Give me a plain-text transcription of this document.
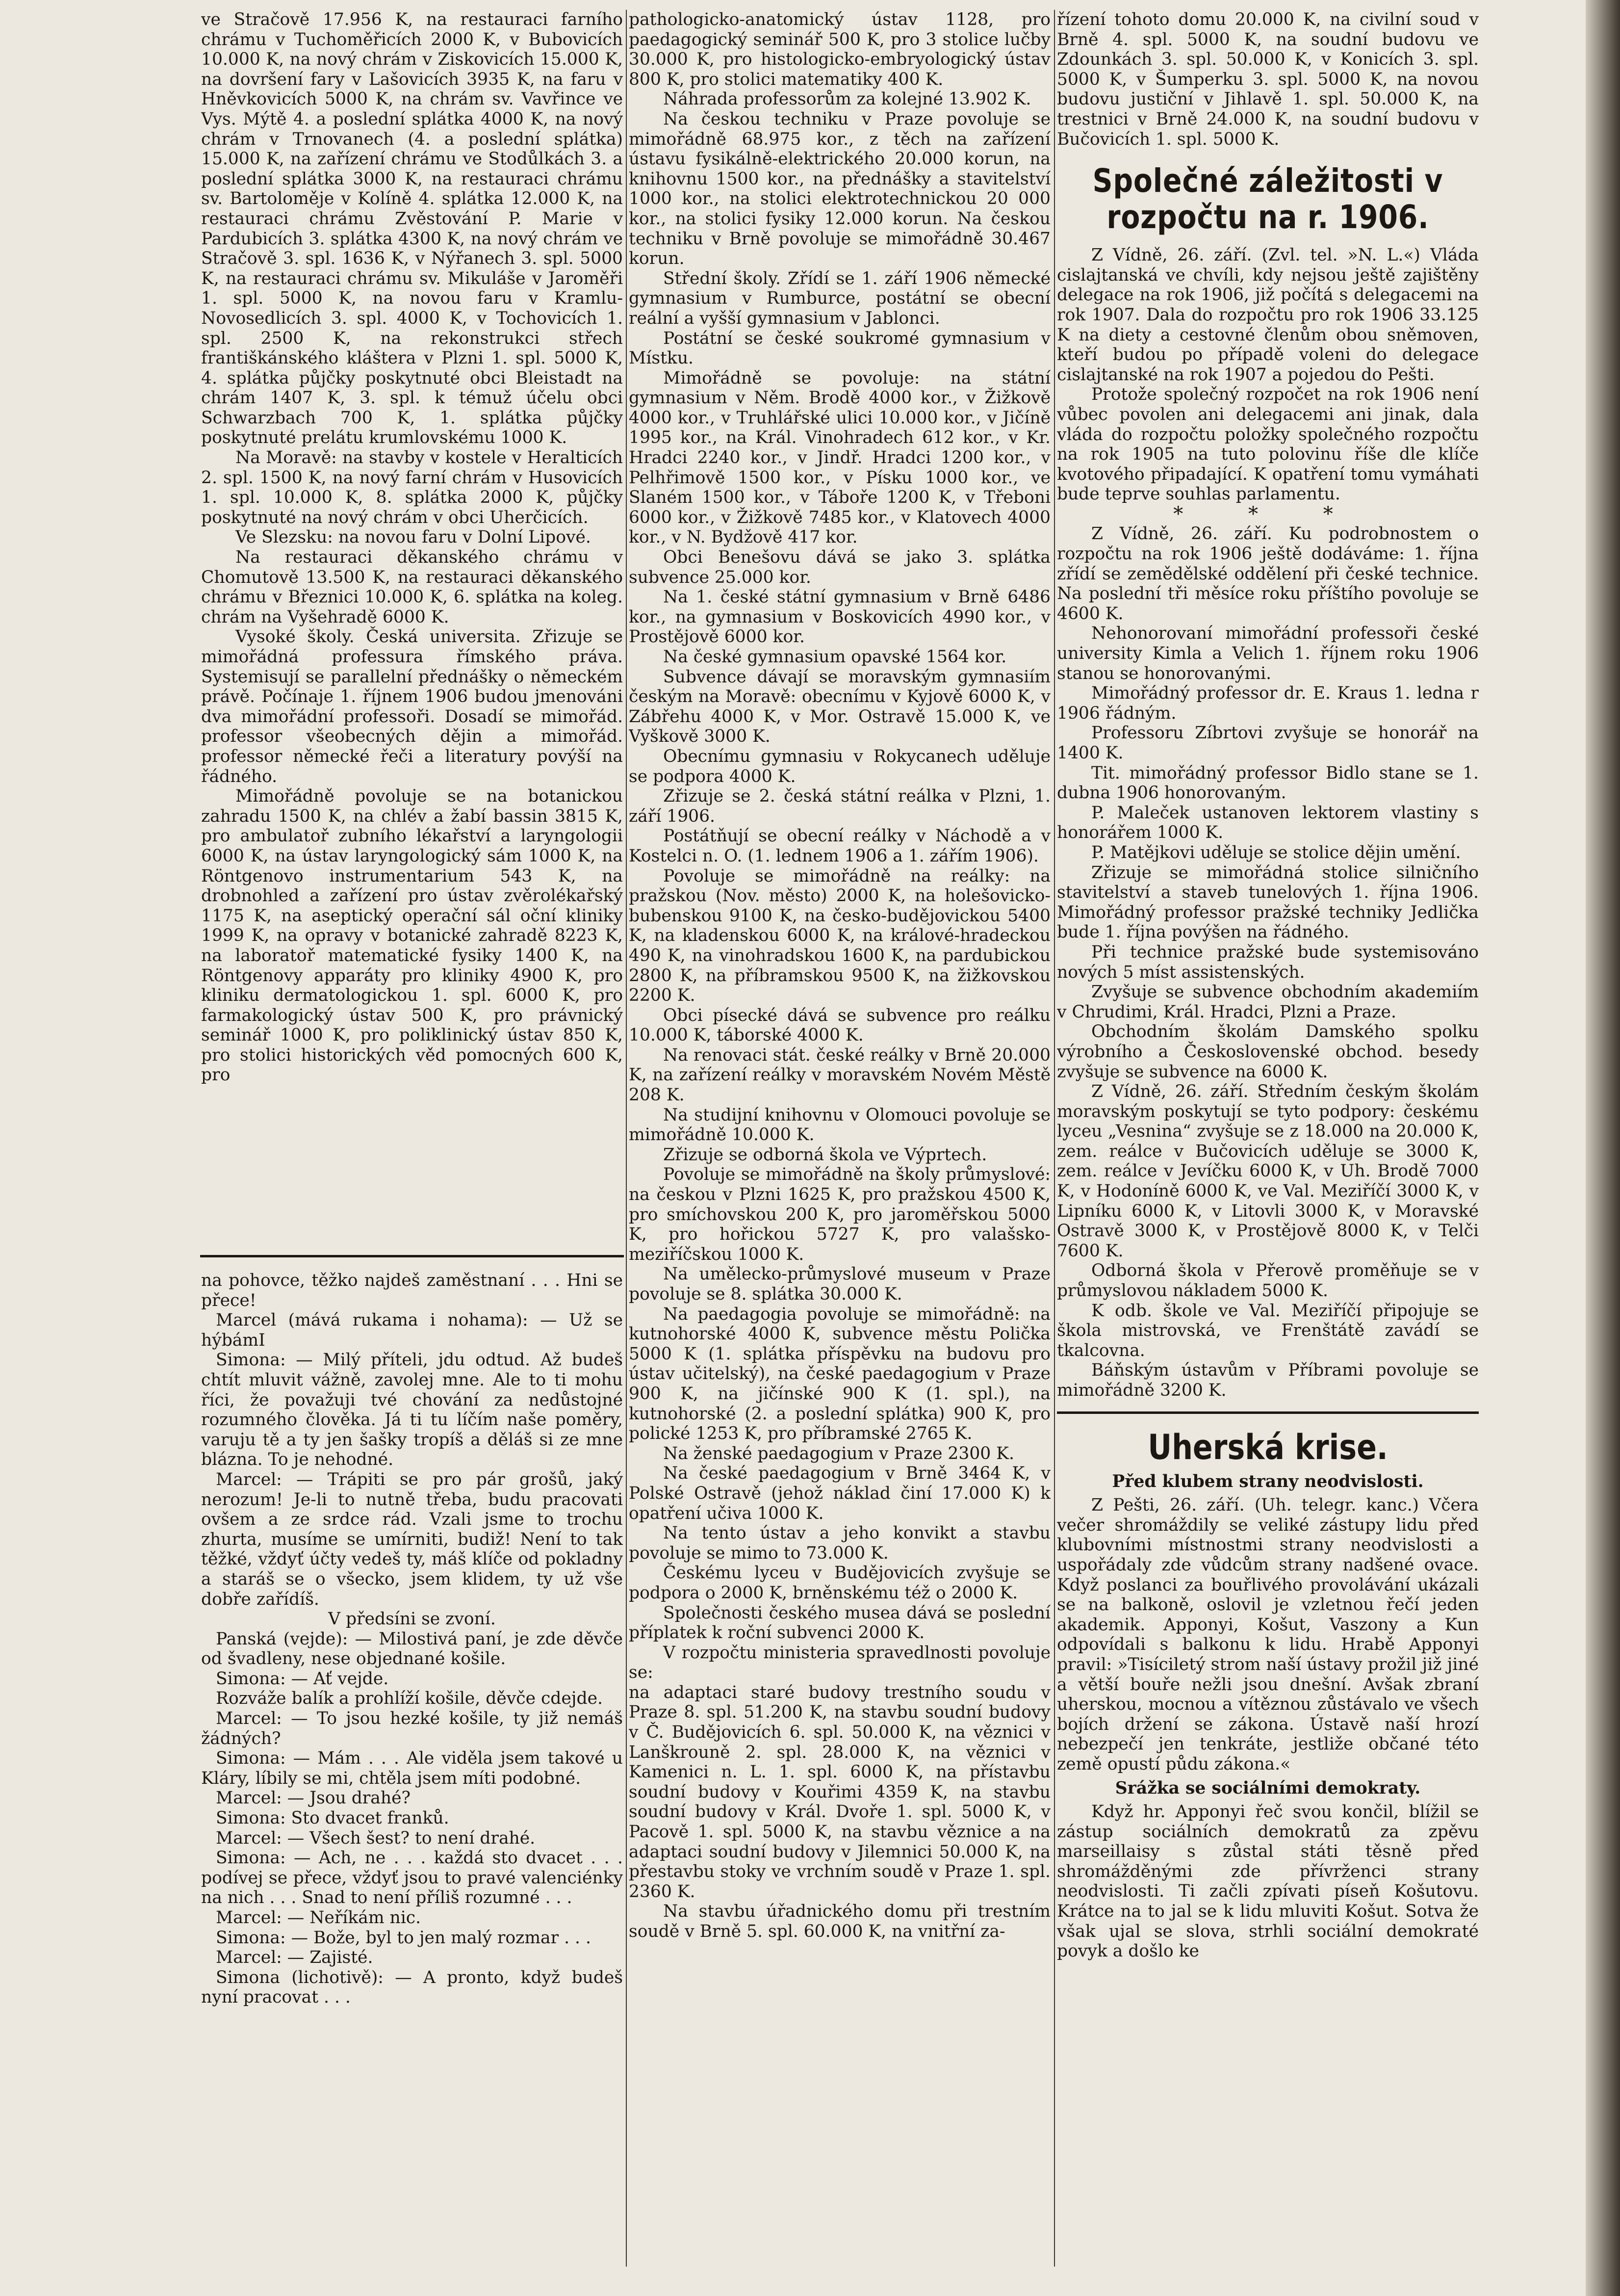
ve Stračově 17.956 K, na restauraci farního chrámu v Tuchoměřicích 2000 K, v Bubovicích 10.000 K, na nový chrám v Ziskovicích 15.000 K, na dovršení fary v Lašovicích 3935 K, na faru v Hněvkovicích 5000 K, na chrám sv. Vavřince ve Vys. Mýtě 4. a poslední splátka 4000 K, na nový chrám v Trnovanech (4. a poslední splátka) 15.000 K, na zařízení chrámu ve Stodůlkách 3. a poslední splátka 3000 K, na restauraci chrámu sv. Bartoloměje v Kolíně 4. splátka 12.000 K, na restauraci chrámu Zvěstování P. Marie v Pardubicích 3. splátka 4300 K, na nový chrám ve Stračově 3. spl. 1636 K, v Nýřanech 3. spl. 5000 K, na restauraci chrámu sv. Mikuláše v Jaroměři 1. spl. 5000 K, na novou faru v Kramlu-Novosedlicích 3. spl. 4000 K, v Tochovicích 1. spl. 2500 K, na rekonstrukci střech františkánského kláštera v Plzni 1. spl. 5000 K, 4. splátka půjčky poskytnuté obci Bleistadt na chrám 1407 K, 3. spl. k témuž účelu obci Schwarzbach 700 K, 1. splátka půjčky poskytnuté prelátu krumlovskému 1000 K.

Na Moravě: na stavby v kostele v Heralticích 2. spl. 1500 K, na nový farní chrám v Husovicích 1. spl. 10.000 K, 8. splátka 2000 K, půjčky poskytnuté na nový chrám v obci Uherčicích.

Ve Slezsku: na novou faru v Dolní Lipové.

Na restauraci děkanského chrámu v Chomutově 13.500 K, na restauraci děkanského chrámu v Březnici 10.000 K, 6. splátka na koleg. chrám na Vyšehradě 6000 K.

Vysoké školy. Česká universita. Zřizuje se mimořádná professura římského práva. Systemisují se parallelní přednášky o německém právě. Počínaje 1. říjnem 1906 budou jmenováni dva mimořádní professoři. Dosadí se mimořád. professor všeobecných dějin a mimořád. professor německé řeči a literatury povýší na řádného.

Mimořádně povoluje se na botanickou zahradu 1500 K, na chlév a žabí bassin 3815 K, pro ambulatoř zubního lékařství a laryngologii 6000 K, na ústav laryngologický sám 1000 K, na Röntgenovo instrumentarium 543 K, na drobnohled a zařízení pro ústav zvěrolékařský 1175 K, na aseptický operační sál oční kliniky 1999 K, na opravy v botanické zahradě 8223 K, na laboratoř matematické fysiky 1400 K, na Röntgenovy apparáty pro kliniky 4900 K, pro kliniku dermatologickou 1. spl. 6000 K, pro farmakologický ústav 500 K, pro právnický seminář 1000 K, pro poliklinický ústav 850 K, pro stolici historických věd pomocných 600 K, pro

na pohovce, těžko najdeš zaměstnaní . . . Hni se přece!

Marcel (mává rukama i nohama): — Už se hýbámI

Simona: — Milý příteli, jdu odtud. Až budeš chtít mluvit vážně, zavolej mne. Ale to ti mohu říci, že považuji tvé chování za nedůstojné rozumného člověka. Já ti tu líčím naše poměry, varuju tě a ty jen šašky tropíš a děláš si ze mne blázna. To je nehodné.

Marcel: — Trápiti se pro pár grošů, jaký nerozum! Je-li to nutně třeba, budu pracovati ovšem a ze srdce rád. Vzali jsme to trochu zhurta, musíme se umírniti, budiž! Není to tak těžké, vždyť účty vedeš ty, máš klíče od pokladny a staráš se o všecko, jsem klidem, ty už vše dobře zařídíš.

V předsíni se zvoní.

Panská (vejde): — Milostivá paní, je zde děvče od švadleny, nese objednané košile.

Simona: — Ať vejde.

Rozváže balík a prohlíží košile, děvče cdejde.

Marcel: — To jsou hezké košile, ty již nemáš žádných?

Simona: — Mám . . . Ale viděla jsem takové u Kláry, líbily se mi, chtěla jsem míti podobné.

Marcel: — Jsou drahé?

Simona: Sto dvacet franků.

Marcel: — Všech šest? to není drahé.

Simona: — Ach, ne . . . každá sto dvacet . . . podívej se přece, vždyť jsou to pravé valenciénky na nich . . . Snad to není příliš rozumné . . .

Marcel: — Neříkám nic.

Simona: — Bože, byl to jen malý rozmar . . .

Marcel: — Zajisté.

Simona (lichotivě): — A pronto, když budeš nyní pracovat . . .

pathologicko-anatomický ústav 1128, pro paedagogický seminář 500 K, pro 3 stolice lučby 30.000 K, pro histologicko-embryologický ústav 800 K, pro stolici matematiky 400 K.

Náhrada professorům za kolejné 13.902 K.

Na českou techniku v Praze povoluje se mimořádně 68.975 kor., z těch na zařízení ústavu fysikálně-elektrického 20.000 korun, na knihovnu 1500 kor., na přednášky a stavitelství 1000 kor., na stolici elektrotechnickou 20 000 kor., na stolici fysiky 12.000 korun. Na českou techniku v Brně povoluje se mimořádně 30.467 korun.

Střední školy. Zřídí se 1. září 1906 německé gymnasium v Rumburce, postátní se obecní reální a vyšší gymnasium v Jablonci.

Postátní se české soukromé gymnasium v Místku.

Mimořádně se povoluje: na státní gymnasium v Něm. Brodě 4000 kor., v Žižkově 4000 kor., v Truhlářské ulici 10.000 kor., v Jičíně 1995 kor., na Král. Vinohradech 612 kor., v Kr. Hradci 2240 kor., v Jindř. Hradci 1200 kor., v Pelhřimově 1500 kor., v Písku 1000 kor., ve Slaném 1500 kor., v Táboře 1200 K, v Třeboni 6000 kor., v Žižkově 7485 kor., v Klatovech 4000 kor., v N. Bydžově 417 kor.

Obci Benešovu dává se jako 3. splátka subvence 25.000 kor.

Na 1. české státní gymnasium v Brně 6486 kor., na gymnasium v Boskovicích 4990 kor., v Prostějově 6000 kor.

Na české gymnasium opavské 1564 kor.

Subvence dávají se moravským gymnasiím českým na Moravě: obecnímu v Kyjově 6000 K, v Zábřehu 4000 K, v Mor. Ostravě 15.000 K, ve Vyškově 3000 K.

Obecnímu gymnasiu v Rokycanech uděluje se podpora 4000 K.

Zřizuje se 2. česká státní reálka v Plzni, 1. září 1906.

Postátňují se obecní reálky v Náchodě a v Kostelci n. O. (1. lednem 1906 a 1. zářím 1906).

Povoluje se mimořádně na reálky: na pražskou (Nov. město) 2000 K, na holešovicko-bubenskou 9100 K, na česko-budějovickou 5400 K, na kladenskou 6000 K, na králové-hradeckou 490 K, na vinohradskou 1600 K, na pardubickou 2800 K, na příbramskou 9500 K, na žižkovskou 2200 K.

Obci písecké dává se subvence pro reálku 10.000 K, táborské 4000 K.

Na renovaci stát. české reálky v Brně 20.000 K, na zařízení reálky v moravském Novém Městě 208 K.

Na studijní knihovnu v Olomouci povoluje se mimořádně 10.000 K.

Zřizuje se odborná škola ve Výprtech.

Povoluje se mimořádně na školy průmyslové: na českou v Plzni 1625 K, pro pražskou 4500 K, pro smíchovskou 200 K, pro jaroměřskou 5000 K, pro hořickou 5727 K, pro valašsko-meziříčskou 1000 K.

Na umělecko-průmyslové museum v Praze povoluje se 8. splátka 30.000 K.

Na paedagogia povoluje se mimořádně: na kutnohorské 4000 K, subvence městu Polička 5000 K (1. splátka příspěvku na budovu pro ústav učitelský), na české paedagogium v Praze 900 K, na jičínské 900 K (1. spl.), na kutnohorské (2. a poslední splátka) 900 K, pro polické 1253 K, pro příbramské 2765 K.

Na ženské paedagogium v Praze 2300 K.

Na české paedagogium v Brně 3464 K, v Polské Ostravě (jehož náklad činí 17.000 K) k opatření učiva 1000 K.

Na tento ústav a jeho konvikt a stavbu povoluje se mimo to 73.000 K.

Českému lyceu v Budějovicích zvyšuje se podpora o 2000 K, brněnskému též o 2000 K.

Společnosti českého musea dává se poslední příplatek k roční subvenci 2000 K.

V rozpočtu ministeria spravedlnosti povoluje se:

na adaptaci staré budovy trestního soudu v Praze 8. spl. 51.200 K, na stavbu soudní budovy v Č. Budějovicích 6. spl. 50.000 K, na věznici v Lanškrouně 2. spl. 28.000 K, na věznici v Kamenici n. L. 1. spl. 6000 K, na přístavbu soudní budovy v Kouřimi 4359 K, na stavbu soudní budovy v Král. Dvoře 1. spl. 5000 K, v Pacově 1. spl. 5000 K, na stavbu věznice a na adaptaci soudní budovy v Jilemnici 50.000 K, na přestavbu stoky ve vrchním soudě v Praze 1. spl. 2360 K.

Na stavbu úřadnického domu při trestním soudě v Brně 5. spl. 60.000 K, na vnitřní za-

řízení tohoto domu 20.000 K, na civilní soud v Brně 4. spl. 5000 K, na soudní budovu ve Zdounkách 3. spl. 50.000 K, v Konicích 3. spl. 5000 K, v Šumperku 3. spl. 5000 K, na novou budovu justiční v Jihlavě 1. spl. 50.000 K, na trestnici v Brně 24.000 K, na soudní budovu v Bučovicích 1. spl. 5000 K.

Společné záležitosti v rozpočtu na r. 1906.

Z Vídně, 26. září. (Zvl. tel. »N. L.«) Vláda cislajtanská ve chvíli, kdy nejsou ještě zajištěny delegace na rok 1906, již počítá s delegacemi na rok 1907. Dala do rozpočtu pro rok 1906 33.125 K na diety a cestovné členům obou sněmoven, kteří budou po případě voleni do delegace cislajtanské na rok 1907 a pojedou do Pešti.

Protože společný rozpočet na rok 1906 není vůbec povolen ani delegacemi ani jinak, dala vláda do rozpočtu položky společného rozpočtu na rok 1905 na tuto polovinu říše dle klíče kvotového připadající. K opatření tomu vymáhati bude teprve souhlas parlamentu.

* * *

Z Vídně, 26. září. Ku podrobnostem o rozpočtu na rok 1906 ještě dodáváme: 1. října zřídí se zemědělské oddělení při české technice. Na poslední tři měsíce roku příštího povoluje se 4600 K.

Nehonorovaní mimořádní professoři české university Kimla a Velich 1. říjnem roku 1906 stanou se honorovanými.

Mimořádný professor dr. E. Kraus 1. ledna r 1906 řádným.

Professoru Zíbrtovi zvyšuje se honorář na 1400 K.

Tit. mimořádný professor Bidlo stane se 1. dubna 1906 honorovaným.

P. Maleček ustanoven lektorem vlastiny s honorářem 1000 K.

P. Matějkovi uděluje se stolice dějin umění.

Zřizuje se mimořádná stolice silničního stavitelství a staveb tunelových 1. října 1906. Mimořádný professor pražské techniky Jedlička bude 1. října povýšen na řádného.

Při technice pražské bude systemisováno nových 5 míst assistenských.

Zvyšuje se subvence obchodním akademiím v Chrudimi, Král. Hradci, Plzni a Praze.

Obchodním školám Damského spolku výrobního a Československé obchod. besedy zvyšuje se subvence na 6000 K.

Z Vídně, 26. září. Středním českým školám moravským poskytují se tyto podpory: českému lyceu „Vesnina“ zvyšuje se z 18.000 na 20.000 K, zem. reálce v Bučovicích uděluje se 3000 K, zem. reálce v Jevíčku 6000 K, v Uh. Brodě 7000 K, v Hodoníně 6000 K, ve Val. Meziříčí 3000 K, v Lipníku 6000 K, v Litovli 3000 K, v Moravské Ostravě 3000 K, v Prostějově 8000 K, v Telči 7600 K.

Odborná škola v Přerově proměňuje se v průmyslovou nákladem 5000 K.

K odb. škole ve Val. Meziříčí připojuje se škola mistrovská, ve Frenštátě zavádí se tkalcovna.

Báňským ústavům v Příbrami povoluje se mimořádně 3200 K.

Uherská krise.

Před klubem strany neodvislosti.

Z Pešti, 26. září. (Uh. telegr. kanc.) Včera večer shromáždily se veliké zástupy lidu před klubovními místnostmi strany neodvislosti a uspořádaly zde vůdcům strany nadšené ovace. Když poslanci za bouřlivého provolávání ukázali se na balkoně, oslovil je vzletnou řečí jeden akademik. Apponyi, Košut, Vaszony a Kun odpovídali s balkonu k lidu. Hrabě Apponyi pravil: »Tisíciletý strom naší ústavy prožil již jiné a větší bouře nežli jsou dnešní. Avšak zbraní uherskou, mocnou a vítěznou zůstávalo ve všech bojích držení se zákona. Ústavě naší hrozí nebezpečí jen tenkráte, jestliže občané této země opustí půdu zákona.«

Srážka se sociálními demokraty.

Když hr. Apponyi řeč svou končil, blížil se zástup sociálních demokratů za zpěvu marseillaisy s zůstal státi těsně před shromážděnými zde přívrženci strany neodvislosti. Ti začli zpívati píseň Košutovu. Krátce na to jal se k lidu mluviti Košut. Sotva že však ujal se slova, strhli sociální demokraté povyk a došlo ke
